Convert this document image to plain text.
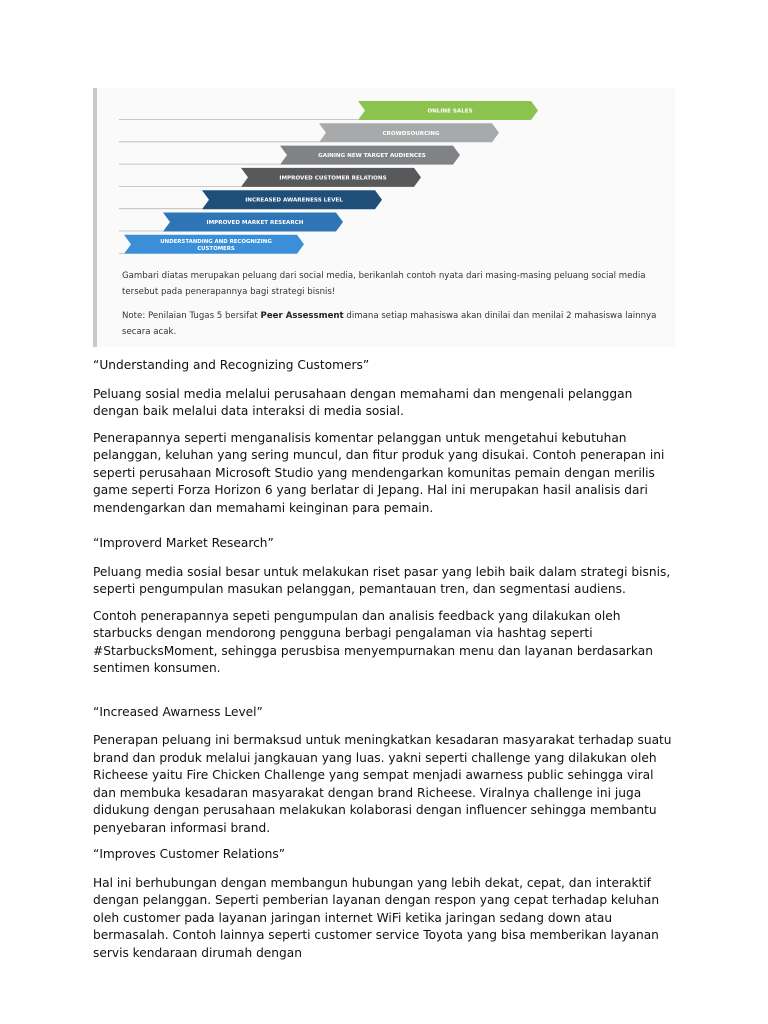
ONLINE SALES
CROWDSOURCING
GAINING NEW TARGET AUDIENCES
IMPROVED CUSTOMER RELATIONS
INCREASED AWARENESS LEVEL
IMPROVED MARKET RESEARCH
UNDERSTANDING AND RECOGNIZING
CUSTOMERS
Gambari diatas merupakan peluang dari social media, berikanlah contoh nyata dari masing-masing peluang social media tersebut pada penerapannya bagi strategi bisnis!
Note: Penilaian Tugas 5 bersifat Peer Assessment dimana setiap mahasiswa akan dinilai dan menilai 2 mahasiswa lainnya secara acak.

“Understanding and Recognizing Customers”

Peluang sosial media melalui perusahaan dengan memahami dan mengenali pelanggan dengan baik melalui data interaksi di media sosial.

Penerapannya seperti menganalisis komentar pelanggan untuk mengetahui kebutuhan pelanggan, keluhan yang sering muncul, dan fitur produk yang disukai. Contoh penerapan ini seperti perusahaan Microsoft Studio yang mendengarkan komunitas pemain dengan merilis game seperti Forza Horizon 6 yang berlatar di Jepang. Hal ini merupakan hasil analisis dari mendengarkan dan memahami keinginan para pemain.

“Improverd Market Research”

Peluang media sosial besar untuk melakukan riset pasar yang lebih baik dalam strategi bisnis, seperti pengumpulan masukan pelanggan, pemantauan tren, dan segmentasi audiens.

Contoh penerapannya sepeti pengumpulan dan analisis feedback yang dilakukan oleh starbucks dengan mendorong pengguna berbagi pengalaman via hashtag seperti #StarbucksMoment, sehingga perusbisa menyempurnakan menu dan layanan berdasarkan sentimen konsumen.

“Increased Awarness Level”

Penerapan peluang ini bermaksud untuk meningkatkan kesadaran masyarakat terhadap suatu brand dan produk melalui jangkauan yang luas. yakni seperti challenge yang dilakukan oleh Richeese yaitu Fire Chicken Challenge yang sempat menjadi awarness public sehingga viral dan membuka kesadaran masyarakat dengan brand Richeese. Viralnya challenge ini juga didukung dengan perusahaan melakukan kolaborasi dengan influencer sehingga membantu penyebaran informasi brand.

“Improves Customer Relations”

Hal ini berhubungan dengan membangun hubungan yang lebih dekat, cepat, dan interaktif dengan pelanggan. Seperti pemberian layanan dengan respon yang cepat terhadap keluhan oleh customer pada layanan jaringan internet WiFi ketika jaringan sedang down atau bermasalah. Contoh lainnya seperti customer service Toyota yang bisa memberikan layanan servis kendaraan dirumah dengan
